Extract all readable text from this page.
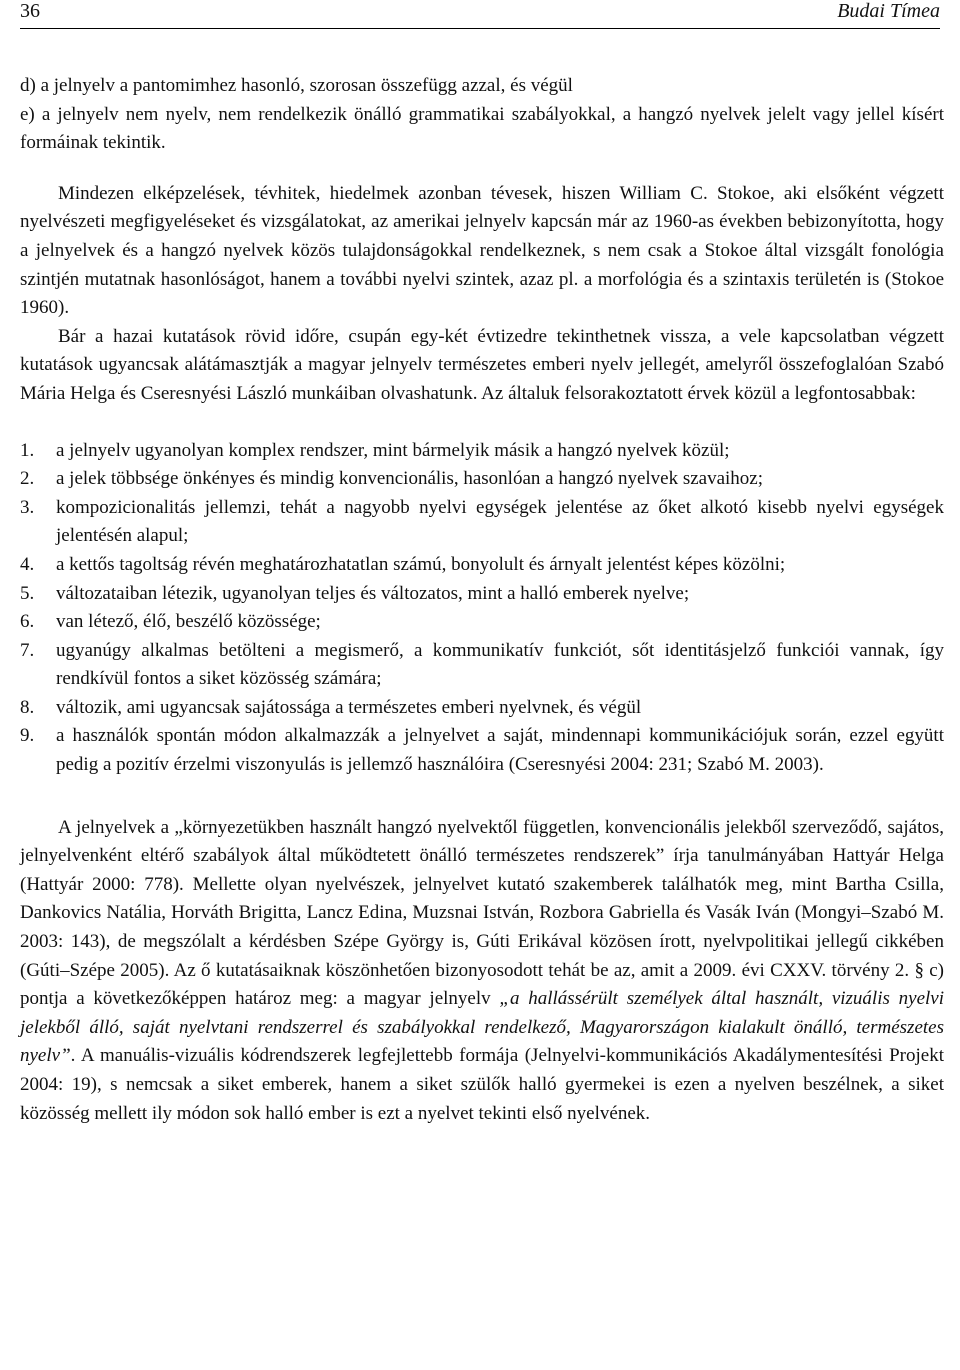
36	Budai Tímea

d) a jelnyelv a pantomimhez hasonló, szorosan összefügg azzal, és végül

e) a jelnyelv nem nyelv, nem rendelkezik önálló grammatikai szabályokkal, a hangzó nyelvek jelelt vagy jellel kísért formáinak tekintik.

Mindezen elképzelések, tévhitek, hiedelmek azonban tévesek, hiszen William C. Stokoe, aki elsőként végzett nyelvészeti megfigyeléseket és vizsgálatokat, az amerikai jelnyelv kapcsán már az 1960-as években bebizonyította, hogy a jelnyelvek és a hangzó nyelvek közös tulajdonságokkal rendelkeznek, s nem csak a Stokoe által vizsgált fonológia szintjén mutatnak hasonlóságot, hanem a további nyelvi szintek, azaz pl. a morfológia és a szintaxis területén is (Stokoe 1960).

Bár a hazai kutatások rövid időre, csupán egy-két évtizedre tekinthetnek vissza, a vele kapcsolatban végzett kutatások ugyancsak alátámasztják a magyar jelnyelv természetes emberi nyelv jellegét, amelyről összefoglalóan Szabó Mária Helga és Cseresnyési László munkáiban olvashatunk. Az általuk felsorakoztatott érvek közül a legfontosabbak:

1. a jelnyelv ugyanolyan komplex rendszer, mint bármelyik másik a hangzó nyelvek közül;
2. a jelek többsége önkényes és mindig konvencionális, hasonlóan a hangzó nyelvek szavaihoz;
3. kompozicionalitás jellemzi, tehát a nagyobb nyelvi egységek jelentése az őket alkotó kisebb nyelvi egységek jelentésén alapul;
4. a kettős tagoltság révén meghatározhatatlan számú, bonyolult és árnyalt jelentést képes közölni;
5. változataiban létezik, ugyanolyan teljes és változatos, mint a halló emberek nyelve;
6. van létező, élő, beszélő közössége;
7. ugyanúgy alkalmas betölteni a megismerő, a kommunikatív funkciót, sőt identitásjelző funkciói vannak, így rendkívül fontos a siket közösség számára;
8. változik, ami ugyancsak sajátossága a természetes emberi nyelvnek, és végül
9. a használók spontán módon alkalmazzák a jelnyelvet a saját, mindennapi kommunikációjuk során, ezzel együtt pedig a pozitív érzelmi viszonyulás is jellemző használóira (Cseresnyési 2004: 231; Szabó M. 2003).

A jelnyelvek a „környezetükben használt hangzó nyelvektől független, konvencionális jelekből szerveződő, sajátos, jelnyelvenként eltérő szabályok által működtetett önálló természetes rendszerek” írja tanulmányában Hattyár Helga (Hattyár 2000: 778). Mellette olyan nyelvészek, jelnyelvet kutató szakemberek találhatók meg, mint Bartha Csilla, Dankovics Natália, Horváth Brigitta, Lancz Edina, Muzsnai István, Rozbora Gabriella és Vasák Iván (Mongyi–Szabó M. 2003: 143), de megszólalt a kérdésben Szépe György is, Gúti Erikával közösen írott, nyelvpolitikai jellegű cikkében (Gúti–Szépe 2005). Az ő kutatásaiknak köszönhetően bizonyosodott tehát be az, amit a 2009. évi CXXV. törvény 2. § c) pontja a következőképpen határoz meg: a magyar jelnyelv „a hallássérült személyek által használt, vizuális nyelvi jelekből álló, saját nyelvtani rendszerrel és szabályokkal rendelkező, Magyarországon kialakult önálló, természetes nyelv”. A manuális-vizuális kódrendszerek legfejlettebb formája (Jelnyelvi-kommunikációs Akadálymentesítési Projekt 2004: 19), s nemcsak a siket emberek, hanem a siket szülők halló gyermekei is ezen a nyelven beszélnek, a siket közösség mellett ily módon sok halló ember is ezt a nyelvet tekinti első nyelvének.
